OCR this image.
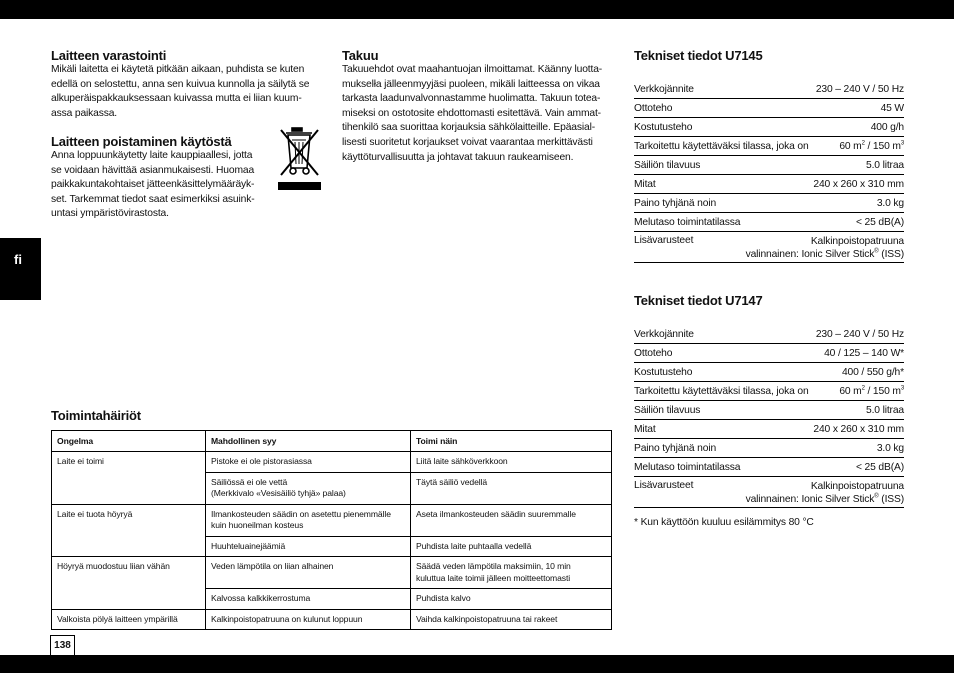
fi
138
Laitteen varastointi
Mikäli laitetta ei käytetä pitkään aikaan, puhdista se kuten
edellä on selostettu, anna sen kuivua kunnolla ja säilytä se
alkuperäispakkauksessaan kuivassa mutta ei liian kuum-
assa paikassa.
Laitteen poistaminen käytöstä
Anna loppuunkäytetty laite kauppiaallesi, jotta
se voidaan hävittää asianmukaisesti. Huomaa
paikkakuntakohtaiset jätteenkäsittelymääräyk-
set. Tarkemmat tiedot saat esimerkiksi asuink-
untasi ympäristövirastosta.
Takuu
Takuuehdot ovat maahantuojan ilmoittamat. Käänny luotta-
mukselła jälleenmyyjäsi puoleen, mikäli laitteessa on vikaa
tarkasta laadunvalvonnastamme huolimatta. Takuun totea-
miseksi on ostotosite ehdottomasti esitettävä. Vain ammat-
tihenkilö saa suorittaa korjauksia sähkölaitteille. Epäasial-
lisesti suoritetut korjaukset voivat vaarantaa merkittävästi
käyttöturvallisuutta ja johtavat takuun raukeamiseen.
Toimintahäiriöt
Ongelma	Mahdollinen syy	Toimi näin
Laite ei toimi	Pistoke ei ole pistorasiassa	Liitä laite sähköverkkoon

	Säiliössä ei ole vettä
(Merkkivalo «Vesisäiliö tyhjä» palaa)	Täytä säiliö vedellä
Laite ei tuota höyryä	Ilmankosteuden säädin on asetettu pienemmälle
kuin huoneilman kosteus	Aseta ilmankosteuden säädin suuremmalle
	Huuhteluainejäämiä	Puhdista laite puhtaalla vedellä
Höyryä muodostuu liian vähän	Veden lämpötila on liian alhainen	Säädä veden lämpötila maksimiin, 10 min
kuluttua laite toimii jälleen moitteettomasti

	Kalvossa kalkkikerrostuma	Puhdista kalvo
Valkoista pölyä laitteen ympärillä	Kalkinpoistopatruuna on kulunut loppuun	Vaihda kalkinpoistopatruuna tai rakeet
Tekniset tiedot U7145
Verkkojännite	230 – 240 V / 50 Hz
Ottoteho	45 W
Kostutusteho	400 g/h
Tarkoitettu käytettäväksi tilassa, joka on	60 $m^2 / 150$ $m^3$
Säiliön tilavuus	5.0 litraa
Mitat	240 x 260 x 310 mm
Paino tyhjänä noin	3.0 kg
Melutaso toimintatilassa	< 25 dB(A)
Lisävarusteet	Kalkinpoistopatruuna
valinnainen: Ionic Silver Stick® (ISS)
Tekniset tiedot U7147
Verkkojännite	230 – 240 V / 50 Hz
Ottoteho	40 / 125 – 140 W*
Kostutusteho	400 / 550 g/h*
Tarkoitettu käytettäväksi tilassa, joka on	60 $m^2 / 150$ $m^3$
Säiliön tilavuus	5.0 litraa
Mitat	240 x 260 x 310 mm
Paino tyhjänä noin	3.0 kg
Melutaso toimintatilassa	< 25 dB(A)
Lisävarusteet	Kalkinpoistopatruuna
valinnainen: Ionic Silver Stick® (ISS)
* Kun käyttöön kuuluu esilämmitys 80 °C
